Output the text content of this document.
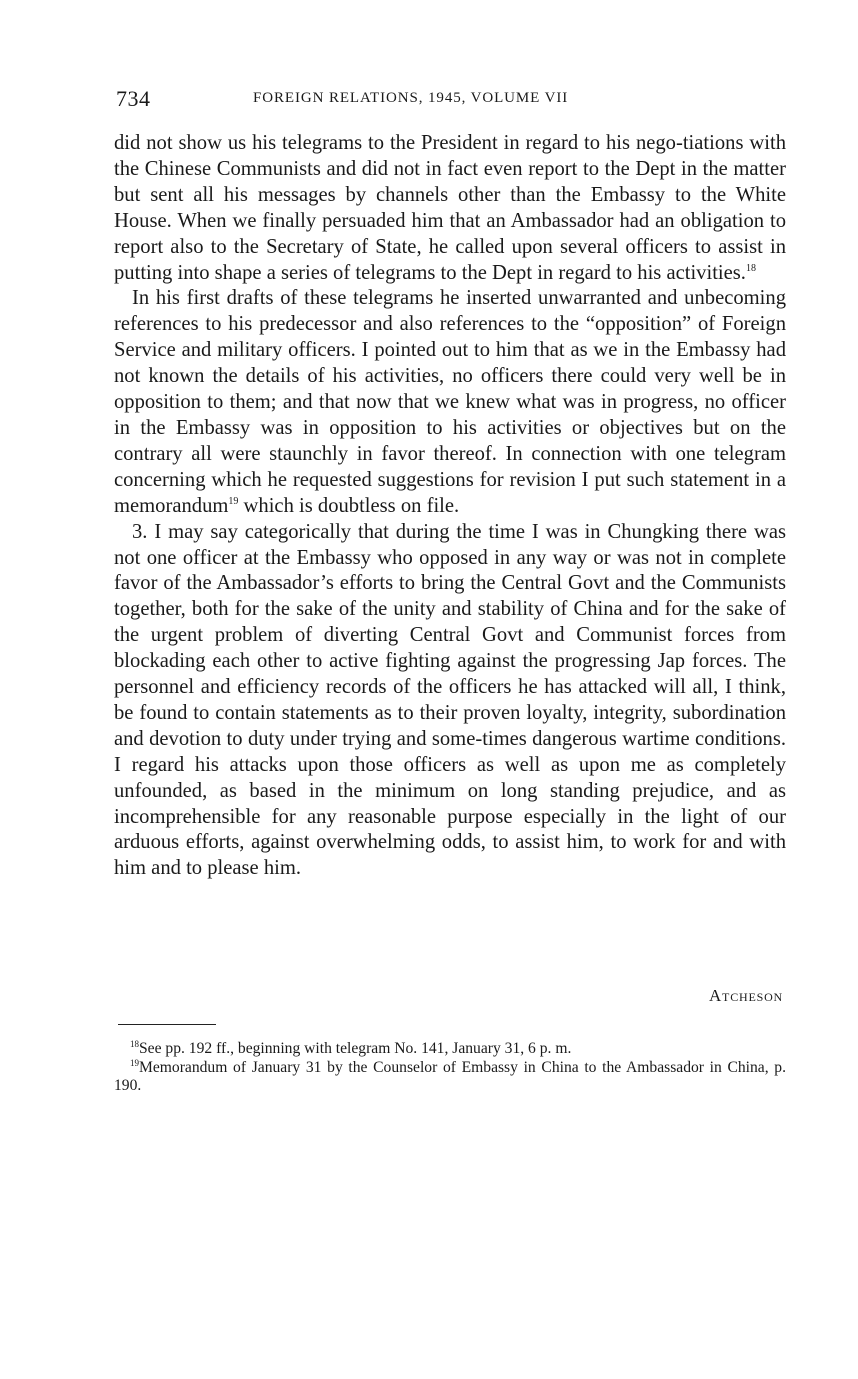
734	FOREIGN RELATIONS, 1945, VOLUME VII

did not show us his telegrams to the President in regard to his nego-tiations with the Chinese Communists and did not in fact even report to the Dept in the matter but sent all his messages by channels other than the Embassy to the White House. When we finally persuaded him that an Ambassador had an obligation to report also to the Secretary of State, he called upon several officers to assist in putting into shape a series of telegrams to the Dept in regard to his activities.$^{18}$

In his first drafts of these telegrams he inserted unwarranted and unbecoming references to his predecessor and also references to the “opposition” of Foreign Service and military officers. I pointed out to him that as we in the Embassy had not known the details of his activities, no officers there could very well be in opposition to them; and that now that we knew what was in progress, no officer in the Embassy was in opposition to his activities or objectives but on the contrary all were staunchly in favor thereof. In connection with one telegram concerning which he requested suggestions for revision I put such statement in a memorandum$^{19}$ which is doubtless on file.

3. I may say categorically that during the time I was in Chungking there was not one officer at the Embassy who opposed in any way or was not in complete favor of the Ambassador’s efforts to bring the Central Govt and the Communists together, both for the sake of the unity and stability of China and for the sake of the urgent problem of diverting Central Govt and Communist forces from blockading each other to active fighting against the progressing Jap forces. The personnel and efficiency records of the officers he has attacked will all, I think, be found to contain statements as to their proven loyalty, integrity, subordination and devotion to duty under trying and some-times dangerous wartime conditions. I regard his attacks upon those officers as well as upon me as completely unfounded, as based in the minimum on long standing prejudice, and as incomprehensible for any reasonable purpose especially in the light of our arduous efforts, against overwhelming odds, to assist him, to work for and with him and to please him.

Atcheson

$^{18}$See pp. 192 ff., beginning with telegram No. 141, January 31, 6 p. m.

$^{19}$Memorandum of January 31 by the Counselor of Embassy in China to the Ambassador in China, p. 190.
